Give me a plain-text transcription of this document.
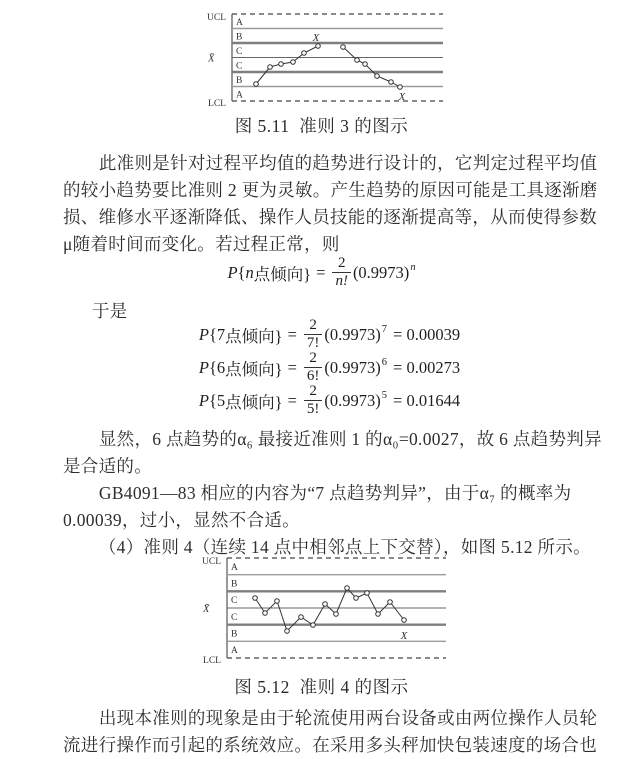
A
B
C
C
B
A
UCL
LCL
X̄
X
X
图 5.11  准则 3 的图示
此准则是针对过程平均值的趋势进行设计的，它判定过程平均值
的较小趋势要比准则 2 更为灵敏。产生趋势的原因可能是工具逐渐磨
损、维修水平逐渐降低、操作人员技能的逐渐提高等，从而使得参数
μ随着时间而变化。若过程正常，则
P { n 点倾向} = $\frac{2}{n!} (0.9973)$ n
于是
P { 7 点倾向} = $\frac{2}{7!} (0.9973) 7 = 0.00039$
P { 6 点倾向} = $\frac{2}{6!} (0.9973) 6 = 0.00273$
P { 5 点倾向} = $\frac{2}{5!} (0.9973) 5 = 0.01644$
显然，6 点趋势的α₆ 最接近准则 1 的α₀=0.0027，故 6 点趋势判异
是合适的。
GB4091—83 相应的内容为“7 点趋势判异”，由于α₇ 的概率为
0.00039，过小，显然不合适。
（4）准则 4（连续 14 点中相邻点上下交替），如图 5.12 所示。
A
B
C
C
B
A
UCL
LCL
X̄
X
图 5.12  准则 4 的图示
出现本准则的现象是由于轮流使用两台设备或由两位操作人员轮
流进行操作而引起的系统效应。在采用多头秤加快包装速度的场合也
